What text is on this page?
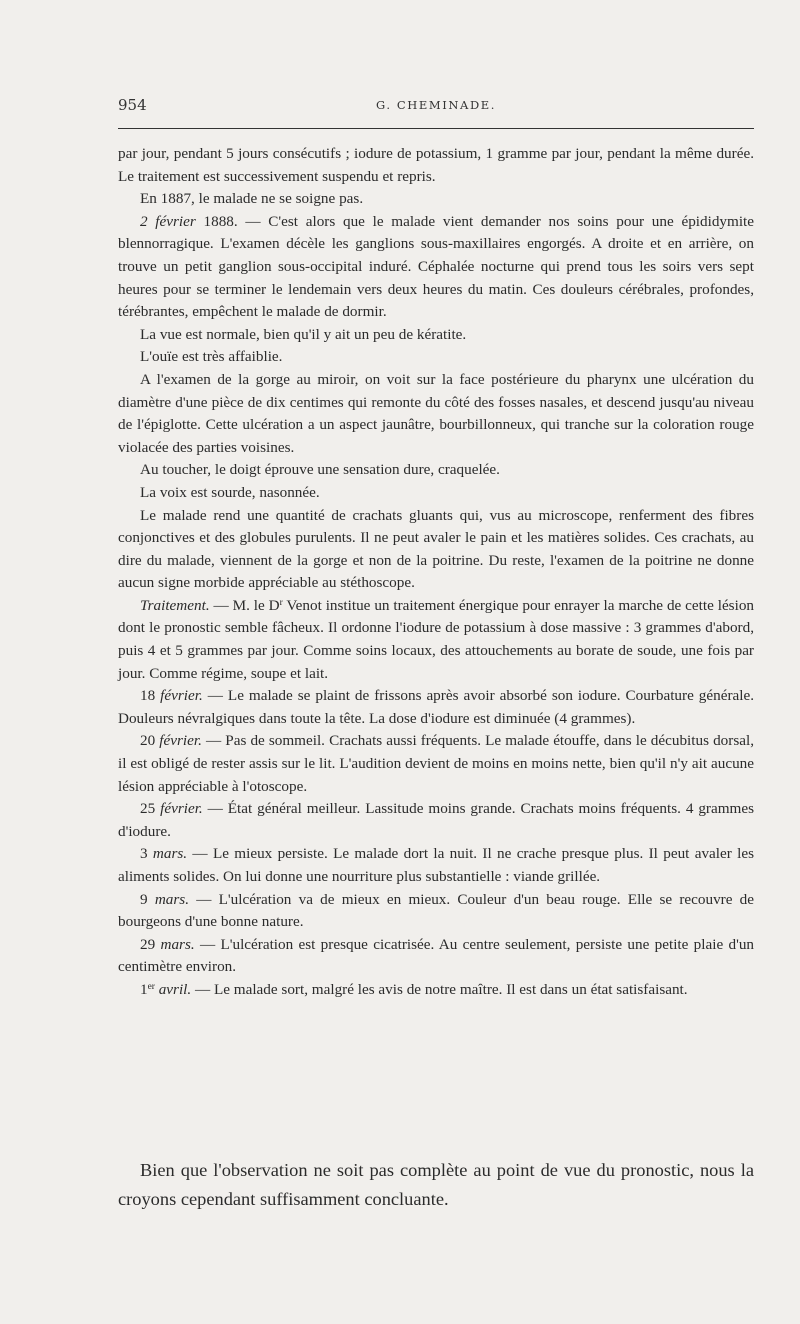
954	G. CHEMINADE.

par jour, pendant 5 jours consécutifs ; iodure de potassium, 1 gramme par jour, pendant la même durée. Le traitement est successivement suspendu et repris.

En 1887, le malade ne se soigne pas.

2 février 1888. — C'est alors que le malade vient demander nos soins pour une épididymite blennorragique. L'examen décèle les ganglions sous-maxillaires engorgés. A droite et en arrière, on trouve un petit ganglion sous-occipital induré. Céphalée nocturne qui prend tous les soirs vers sept heures pour se terminer le lendemain vers deux heures du matin. Ces douleurs cérébrales, profondes, térébrantes, empêchent le malade de dormir.

La vue est normale, bien qu'il y ait un peu de kératite.

L'ouïe est très affaiblie.

A l'examen de la gorge au miroir, on voit sur la face postérieure du pharynx une ulcération du diamètre d'une pièce de dix centimes qui remonte du côté des fosses nasales, et descend jusqu'au niveau de l'épiglotte. Cette ulcération a un aspect jaunâtre, bourbillonneux, qui tranche sur la coloration rouge violacée des parties voisines.

Au toucher, le doigt éprouve une sensation dure, craquelée.

La voix est sourde, nasonnée.

Le malade rend une quantité de crachats gluants qui, vus au microscope, renferment des fibres conjonctives et des globules purulents. Il ne peut avaler le pain et les matières solides. Ces crachats, au dire du malade, viennent de la gorge et non de la poitrine. Du reste, l'examen de la poitrine ne donne aucun signe morbide appréciable au stéthoscope.

Traitement. — M. le $D^r$ Venot institue un traitement énergique pour enrayer la marche de cette lésion dont le pronostic semble fâcheux. Il ordonne l'iodure de potassium à dose massive : 3 grammes d'abord, puis 4 et 5 grammes par jour. Comme soins locaux, des attouchements au borate de soude, une fois par jour. Comme régime, soupe et lait.

18 février. — Le malade se plaint de frissons après avoir absorbé son iodure. Courbature générale. Douleurs névralgiques dans toute la tête. La dose d'iodure est diminuée (4 grammes).

20 février. — Pas de sommeil. Crachats aussi fréquents. Le malade étouffe, dans le décubitus dorsal, il est obligé de rester assis sur le lit. L'audition devient de moins en moins nette, bien qu'il n'y ait aucune lésion appréciable à l'otoscope.

25 février. — État général meilleur. Lassitude moins grande. Crachats moins fréquents. 4 grammes d'iodure.

3 mars. — Le mieux persiste. Le malade dort la nuit. Il ne crache presque plus. Il peut avaler les aliments solides. On lui donne une nourriture plus substantielle : viande grillée.

9 mars. — L'ulcération va de mieux en mieux. Couleur d'un beau rouge. Elle se recouvre de bourgeons d'une bonne nature.

29 mars. — L'ulcération est presque cicatrisée. Au centre seulement, persiste une petite plaie d'un centimètre environ.

1er avril. — Le malade sort, malgré les avis de notre maître. Il est dans un état satisfaisant.

Bien que l'observation ne soit pas complète au point de vue du pronostic, nous la croyons cependant suffisamment concluante.
